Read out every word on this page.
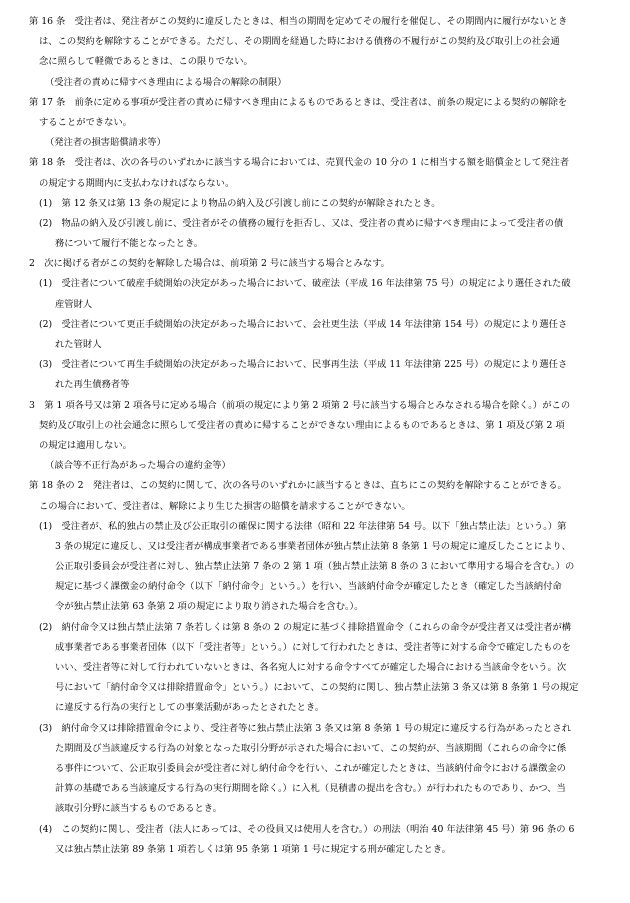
第 16 条　受注者は、発注者がこの契約に違反したときは、相当の期間を定めてその履行を催促し、その期間内に履行がないとき
は、この契約を解除することができる。ただし、その期間を経過した時における債務の不履行がこの契約及び取引上の社会通
念に照らして軽微であるときは、この限りでない。
（受注者の責めに帰すべき理由による場合の解除の制限）
第 17 条　前条に定める事項が受注者の責めに帰すべき理由によるものであるときは、受注者は、前条の規定による契約の解除を
することができない。
（発注者の損害賠償請求等）
第 18 条　受注者は、次の各号のいずれかに該当する場合においては、売買代金の 10 分の 1 に相当する額を賠償金として発注者
の規定する期間内に支払わなければならない。
(1)　第 12 条又は第 13 条の規定により物品の納入及び引渡し前にこの契約が解除されたとき。
(2)　物品の納入及び引渡し前に、受注者がその債務の履行を拒否し、又は、受注者の責めに帰すべき理由によって受注者の債
務について履行不能となったとき。
2　次に掲げる者がこの契約を解除した場合は、前項第 2 号に該当する場合とみなす。
(1)　受注者について破産手続開始の決定があった場合において、破産法（平成 16 年法律第 75 号）の規定により選任された破
産管財人
(2)　受注者について更正手続開始の決定があった場合において、会社更生法（平成 14 年法律第 154 号）の規定により選任さ
れた管財人
(3)　受注者について再生手続開始の決定があった場合において、民事再生法（平成 11 年法律第 225 号）の規定により選任さ
れた再生債務者等
3　第 1 項各号又は第 2 項各号に定める場合（前項の規定により第 2 項第 2 号に該当する場合とみなされる場合を除く。）がこの
契約及び取引上の社会通念に照らして受注者の責めに帰することができない理由によるものであるときは、第 1 項及び第 2 項
の規定は適用しない。
（談合等不正行為があった場合の違約金等）
第 18 条の 2　発注者は、この契約に関して、次の各号のいずれかに該当するときは、直ちにこの契約を解除することができる。
この場合において、受注者は、解除により生じた損害の賠償を請求することができない。
(1)　受注者が、私的独占の禁止及び公正取引の確保に関する法律（昭和 22 年法律第 54 号。以下「独占禁止法」という。）第
3 条の規定に違反し、又は受注者が構成事業者である事業者団体が独占禁止法第 8 条第 1 号の規定に違反したことにより、
公正取引委員会が受注者に対し、独占禁止法第 7 条の 2 第 1 項（独占禁止法第 8 条の 3 において準用する場合を含む。）の
規定に基づく課徴金の納付命令（以下「納付命令」という。）を行い、当該納付命令が確定したとき（確定した当該納付命
令が独占禁止法第 63 条第 2 項の規定により取り消された場合を含む。）。
(2)　納付命令又は独占禁止法第 7 条若しくは第 8 条の 2 の規定に基づく排除措置命令（これらの命令が受注者又は受注者が構
成事業者である事業者団体（以下「受注者等」という。）に対して行われたときは、受注者等に対する命令で確定したものを
いい、受注者等に対して行われていないときは、各名宛人に対する命令すべてが確定した場合における当該命令をいう。次
号において「納付命令又は排除措置命令」という。）において、この契約に関し、独占禁止法第 3 条又は第 8 条第 1 号の規定
に違反する行為の実行としての事業活動があったとされたとき。
(3)　納付命令又は排除措置命令により、受注者等に独占禁止法第 3 条又は第 8 条第 1 号の規定に違反する行為があったとされ
た期間及び当該違反する行為の対象となった取引分野が示された場合において、この契約が、当該期間（これらの命令に係
る事件について、公正取引委員会が受注者に対し納付命令を行い、これが確定したときは、当該納付命令における課徴金の
計算の基礎である当該違反する行為の実行期間を除く。）に入札（見積書の提出を含む。）が行われたものであり、かつ、当
該取引分野に該当するものであるとき。
(4)　この契約に関し、受注者（法人にあっては、その役員又は使用人を含む。）の刑法（明治 40 年法律第 45 号）第 96 条の 6
又は独占禁止法第 89 条第 1 項若しくは第 95 条第 1 項第 1 号に規定する刑が確定したとき。
